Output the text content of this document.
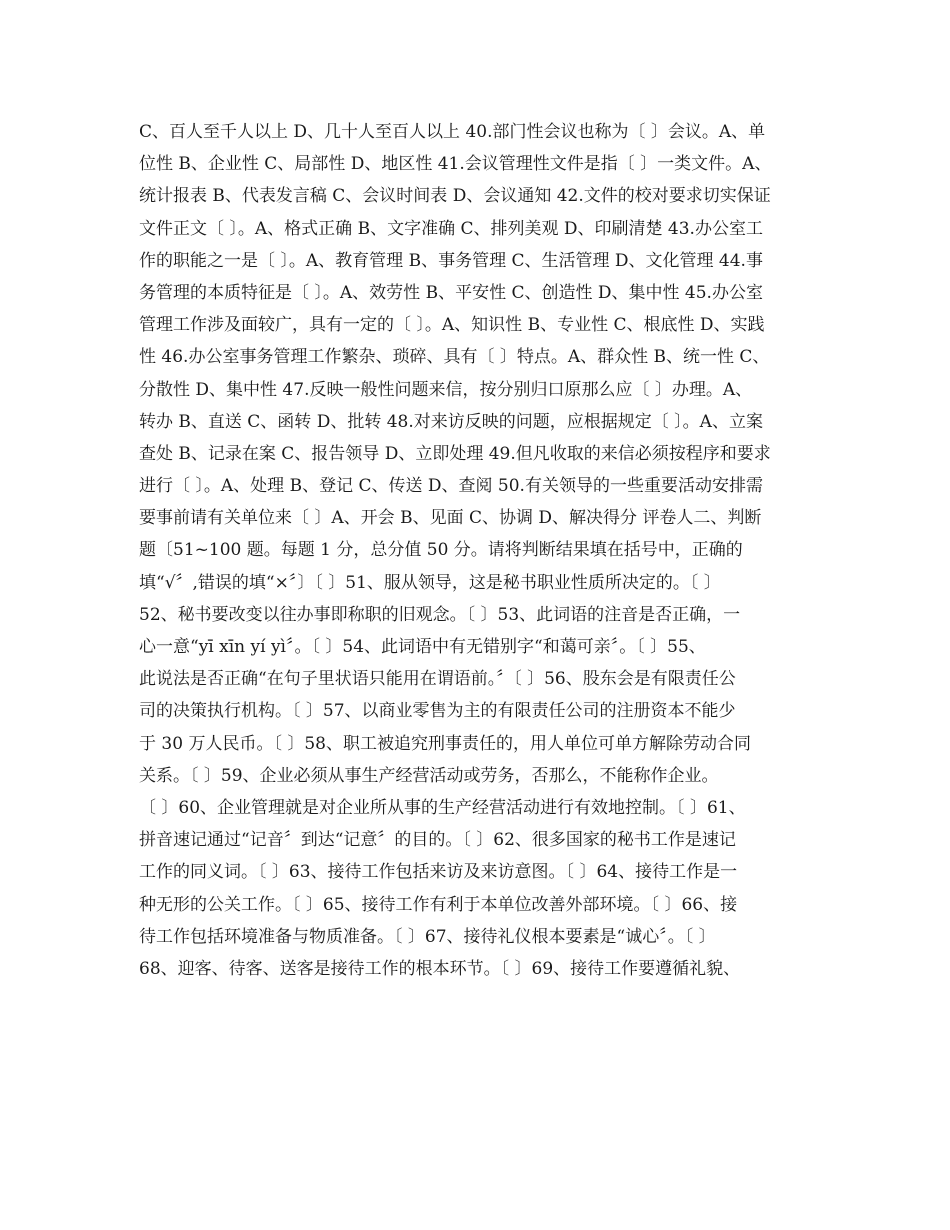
C、百人至千人以上 D、几十人至百人以上 40.部门性会议也称为〔 〕会议。A、单
位性 B、企业性 C、局部性 D、地区性 41.会议管理性文件是指〔 〕一类文件。A、
统计报表 B、代表发言稿 C、会议时间表 D、会议通知 42.文件的校对要求切实保证
文件正文〔 〕。A、格式正确 B、文字准确 C、排列美观 D、印刷清楚 43.办公室工
作的职能之一是〔 〕。A、教育管理 B、事务管理 C、生活管理 D、文化管理 44.事
务管理的本质特征是〔 〕。A、效劳性 B、平安性 C、创造性 D、集中性 45.办公室
管理工作涉及面较广，具有一定的〔 〕。A、知识性 B、专业性 C、根底性 D、实践
性 46.办公室事务管理工作繁杂、琐碎、具有〔 〕特点。A、群众性 B、统一性 C、
分散性 D、集中性 47.反映一般性问题来信，按分别归口原那么应〔 〕办理。A、
转办 B、直送 C、函转 D、批转 48.对来访反映的问题，应根据规定〔 〕。A、立案
查处 B、记录在案 C、报告领导 D、立即处理 49.但凡收取的来信必须按程序和要求
进行〔 〕。A、处理 B、登记 C、传送 D、查阅 50.有关领导的一些重要活动安排需
要事前请有关单位来〔 〕A、开会 B、见面 C、协调 D、解决得分 评卷人二、判断
题〔51~100 题。每题 1 分，总分值 50 分。请将判断结果填在括号中，正确的
填“√〞,错误的填“×〞〕〔 〕51、服从领导，这是秘书职业性质所决定的。〔 〕
52、秘书要改变以往办事即称职的旧观念。〔 〕53、此词语的注音是否正确，一
心一意“yī xīn yí yì〞。〔 〕54、此词语中有无错别字“和蔼可亲〞。〔 〕55、
此说法是否正确“在句子里状语只能用在谓语前。〞〔 〕56、股东会是有限责任公
司的决策执行机构。〔 〕57、以商业零售为主的有限责任公司的注册资本不能少
于 30 万人民币。〔 〕58、职工被追究刑事责任的，用人单位可单方解除劳动合同
关系。〔 〕59、企业必须从事生产经营活动或劳务，否那么，不能称作企业。
〔 〕60、企业管理就是对企业所从事的生产经营活动进行有效地控制。〔 〕61、
拼音速记通过“记音〞到达“记意〞的目的。〔 〕62、很多国家的秘书工作是速记
工作的同义词。〔 〕63、接待工作包括来访及来访意图。〔 〕64、接待工作是一
种无形的公关工作。〔 〕65、接待工作有利于本单位改善外部环境。〔 〕66、接
待工作包括环境准备与物质准备。〔 〕67、接待礼仪根本要素是“诚心〞。〔 〕
68、迎客、待客、送客是接待工作的根本环节。〔 〕69、接待工作要遵循礼貌、
